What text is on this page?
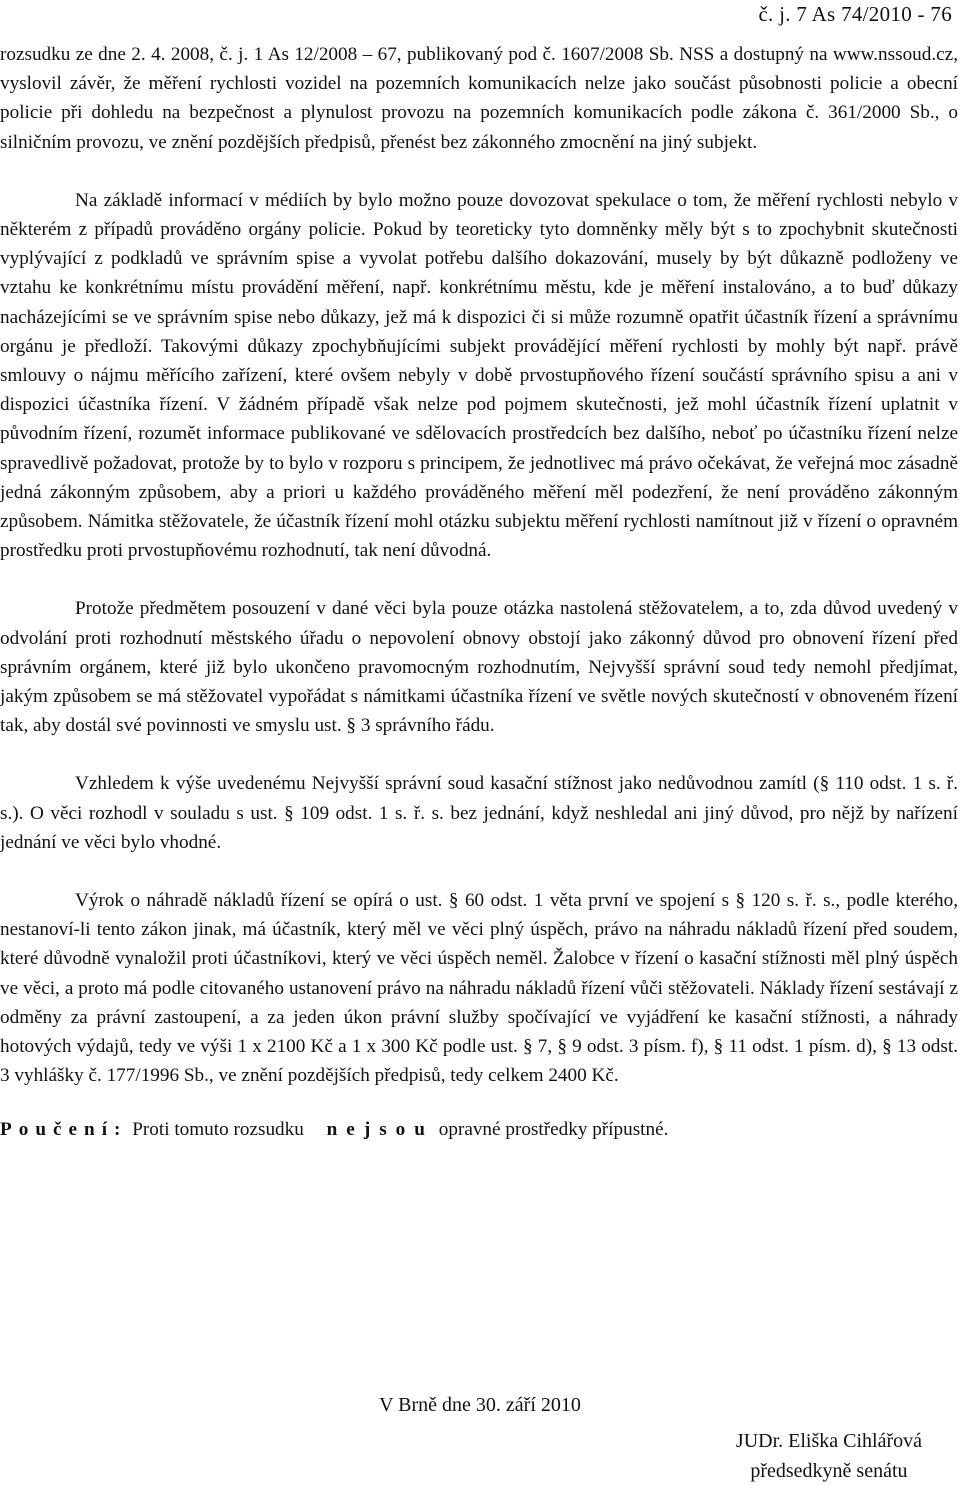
č. j. 7 As 74/2010 - 76

rozsudku ze dne 2. 4. 2008, č. j. 1 As 12/2008 – 67, publikovaný pod č. 1607/2008 Sb. NSS a dostupný na www.nssoud.cz, vyslovil závěr, že měření rychlosti vozidel na pozemních komunikacích nelze jako součást působnosti policie a obecní policie při dohledu na bezpečnost a plynulost provozu na pozemních komunikacích podle zákona č. 361/2000 Sb., o silničním provozu, ve znění pozdějších předpisů, přenést bez zákonného zmocnění na jiný subjekt.

Na základě informací v médiích by bylo možno pouze dovozovat spekulace o tom, že měření rychlosti nebylo v některém z případů prováděno orgány policie. Pokud by teoreticky tyto domněnky měly být s to zpochybnit skutečnosti vyplývající z podkladů ve správním spise a vyvolat potřebu dalšího dokazování, musely by být důkazně podloženy ve vztahu ke konkrétnímu místu provádění měření, např. konkrétnímu městu, kde je měření instalováno, a to buď důkazy nacházejícími se ve správním spise nebo důkazy, jež má k dispozici či si může rozumně opatřit účastník řízení a správnímu orgánu je předloží. Takovými důkazy zpochybňujícími subjekt provádějící měření rychlosti by mohly být např. právě smlouvy o nájmu měřícího zařízení, které ovšem nebyly v době prvostupňového řízení součástí správního spisu a ani v dispozici účastníka řízení. V žádném případě však nelze pod pojmem skutečnosti, jež mohl účastník řízení uplatnit v původním řízení, rozumět informace publikované ve sdělovacích prostředcích bez dalšího, neboť po účastníku řízení nelze spravedlivě požadovat, protože by to bylo v rozporu s principem, že jednotlivec má právo očekávat, že veřejná moc zásadně jedná zákonným způsobem, aby a priori u každého prováděného měření měl podezření, že není prováděno zákonným způsobem. Námitka stěžovatele, že účastník řízení mohl otázku subjektu měření rychlosti namítnout již v řízení o opravném prostředku proti prvostupňovému rozhodnutí, tak není důvodná.

Protože předmětem posouzení v dané věci byla pouze otázka nastolená stěžovatelem, a to, zda důvod uvedený v odvolání proti rozhodnutí městského úřadu o nepovolení obnovy obstojí jako zákonný důvod pro obnovení řízení před správním orgánem, které již bylo ukončeno pravomocným rozhodnutím, Nejvyšší správní soud tedy nemohl předjímat, jakým způsobem se má stěžovatel vypořádat s námitkami účastníka řízení ve světle nových skutečností v obnoveném řízení tak, aby dostál své povinnosti ve smyslu ust. § 3 správního řádu.

Vzhledem k výše uvedenému Nejvyšší správní soud kasační stížnost jako nedůvodnou zamítl (§ 110 odst. 1 s. ř. s.). O věci rozhodl v souladu s ust. § 109 odst. 1 s. ř. s. bez jednání, když neshledal ani jiný důvod, pro nějž by nařízení jednání ve věci bylo vhodné.

Výrok o náhradě nákladů řízení se opírá o ust. § 60 odst. 1 věta první ve spojení s § 120 s. ř. s., podle kterého, nestanoví-li tento zákon jinak, má účastník, který měl ve věci plný úspěch, právo na náhradu nákladů řízení před soudem, které důvodně vynaložil proti účastníkovi, který ve věci úspěch neměl. Žalobce v řízení o kasační stížnosti měl plný úspěch ve věci, a proto má podle citovaného ustanovení právo na náhradu nákladů řízení vůči stěžovateli. Náklady řízení sestávají z odměny za právní zastoupení, a za jeden úkon právní služby spočívající ve vyjádření ke kasační stížnosti, a náhrady hotových výdajů, tedy ve výši 1 x 2100 Kč a 1 x 300 Kč podle ust. § 7, § 9 odst. 3 písm. f), § 11 odst. 1 písm. d), § 13 odst. 3 vyhlášky č. 177/1996 Sb., ve znění pozdějších předpisů, tedy celkem 2400 Kč.

Poučení: Proti tomuto rozsudku nejsou opravné prostředky přípustné.

V Brně dne 30. září 2010
JUDr. Eliška Cihlářová
předsedkyně senátu
